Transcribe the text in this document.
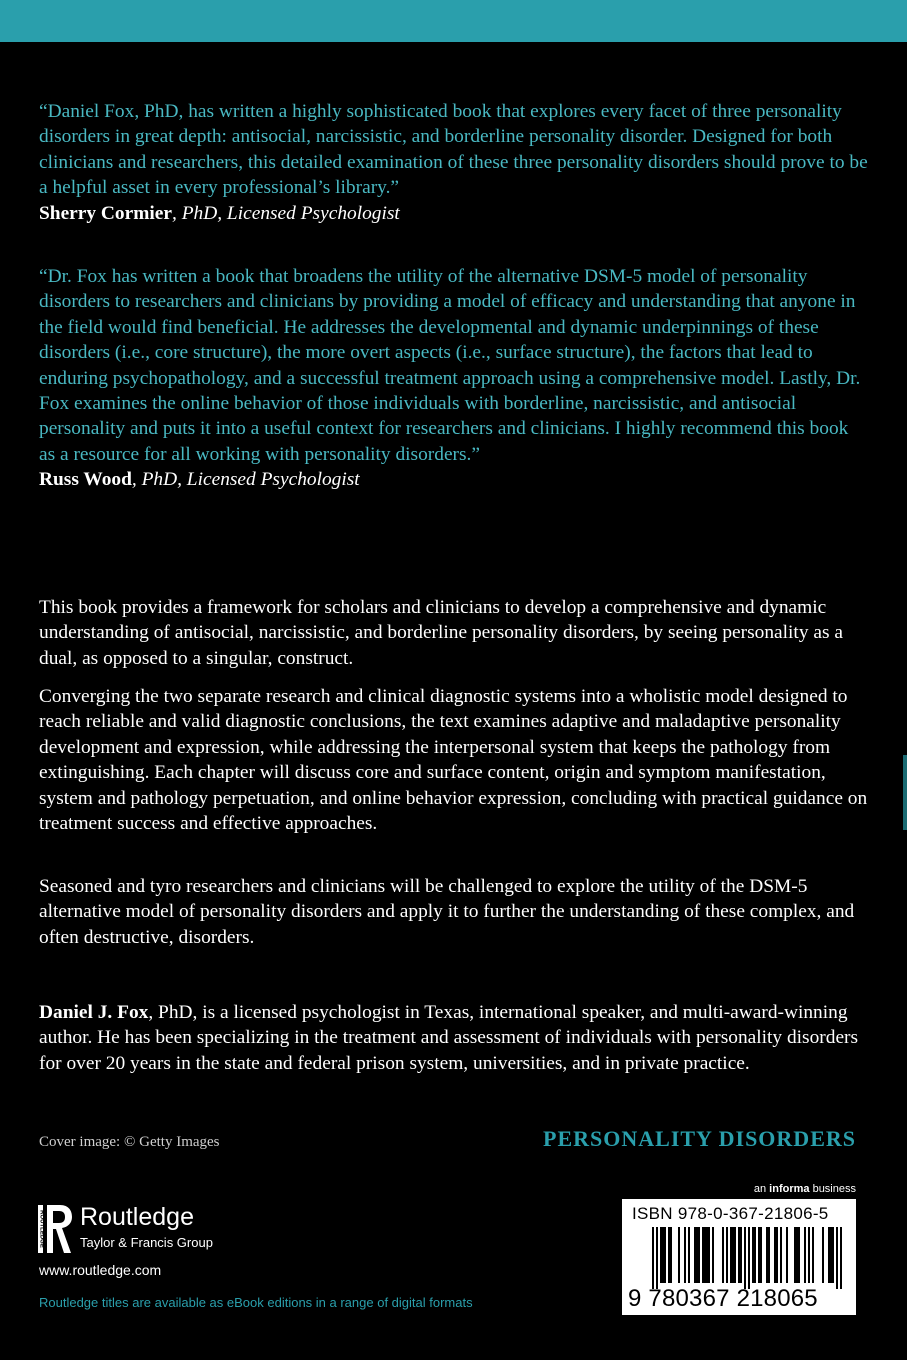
“Daniel Fox, PhD, has written a highly sophisticated book that explores every facet of three personality disorders in great depth: antisocial, narcissistic, and borderline personality disorder. Designed for both clinicians and researchers, this detailed examination of these three personality disorders should prove to be a helpful asset in every professional’s library.”
Sherry Cormier, PhD, Licensed Psychologist
“Dr. Fox has written a book that broadens the utility of the alternative DSM-5 model of personality disorders to researchers and clinicians by providing a model of efficacy and understanding that anyone in the field would find beneficial. He addresses the developmental and dynamic underpinnings of these disorders (i.e., core structure), the more overt aspects (i.e., surface structure), the factors that lead to enduring psychopathology, and a successful treatment approach using a comprehensive model. Lastly, Dr. Fox examines the online behavior of those individuals with borderline, narcissistic, and antisocial personality and puts it into a useful context for researchers and clinicians. I highly recommend this book as a resource for all working with personality disorders.”
Russ Wood, PhD, Licensed Psychologist

This book provides a framework for scholars and clinicians to develop a comprehensive and dynamic understanding of antisocial, narcissistic, and borderline personality disorders, by seeing personality as a dual, as opposed to a singular, construct.

Converging the two separate research and clinical diagnostic systems into a wholistic model designed to reach reliable and valid diagnostic conclusions, the text examines adaptive and maladaptive personality development and expression, while addressing the interpersonal system that keeps the pathology from extinguishing. Each chapter will discuss core and surface content, origin and symptom manifestation, system and pathology perpetuation, and online behavior expression, concluding with practical guidance on treatment success and effective approaches.

Seasoned and tyro researchers and clinicians will be challenged to explore the utility of the DSM-5 alternative model of personality disorders and apply it to further the understanding of these complex, and often destructive, disorders.

Daniel J. Fox, PhD, is a licensed psychologist in Texas, international speaker, and multi-award-winning author. He has been specializing in the treatment and assessment of individuals with personality disorders for over 20 years in the state and federal prison system, universities, and in private practice.

Cover image: © Getty Images	PERSONALITY DISORDERS
ROUTLEDGE Routledge
Taylor & Francis Group
www.routledge.com
Routledge titles are available as eBook editions in a range of digital formats
an informa business
ISBN 978-0-367-21806-5
9 780367 218065
